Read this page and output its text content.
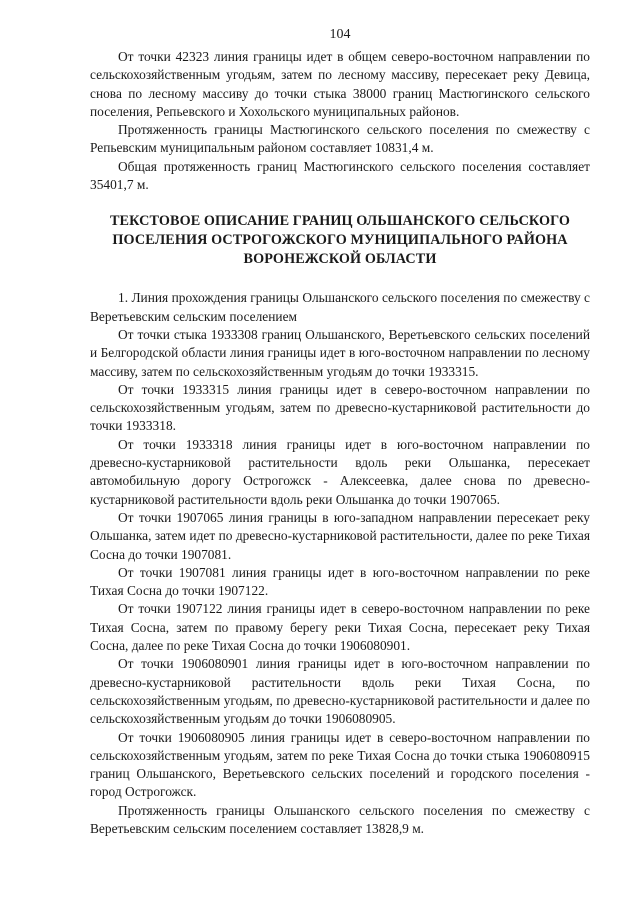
104

От точки 42323 линия границы идет в общем северо-восточном направлении по сельскохозяйственным угодьям, затем по лесному массиву, пересекает реку Девица, снова по лесному массиву до точки стыка 38000 границ Мастюгинского сельского поселения, Репьевского и Хохольского муниципальных районов.

Протяженность границы Мастюгинского сельского поселения по смежеству с Репьевским муниципальным районом составляет 10831,4 м.

Общая протяженность границ Мастюгинского сельского поселения составляет 35401,7 м.

ТЕКСТОВОЕ ОПИСАНИЕ ГРАНИЦ ОЛЬШАНСКОГО СЕЛЬСКОГО ПОСЕЛЕНИЯ ОСТРОГОЖСКОГО МУНИЦИПАЛЬНОГО РАЙОНА ВОРОНЕЖСКОЙ ОБЛАСТИ

1. Линия прохождения границы Ольшанского сельского поселения по смежеству с Веретьевским сельским поселением

От точки стыка 1933308 границ Ольшанского, Веретьевского сельских поселений и Белгородской области линия границы идет в юго-восточном направлении по лесному массиву, затем по сельскохозяйственным угодьям до точки 1933315.

От точки 1933315 линия границы идет в северо-восточном направлении по сельскохозяйственным угодьям, затем по древесно-кустарниковой растительности до точки 1933318.

От точки 1933318 линия границы идет в юго-восточном направлении по древесно-кустарниковой растительности вдоль реки Ольшанка, пересекает автомобильную дорогу Острогожск - Алексеевка, далее снова по древесно-кустарниковой растительности вдоль реки Ольшанка до точки 1907065.

От точки 1907065 линия границы в юго-западном направлении пересекает реку Ольшанка, затем идет по древесно-кустарниковой растительности, далее по реке Тихая Сосна до точки 1907081.

От точки 1907081 линия границы идет в юго-восточном направлении по реке Тихая Сосна до точки 1907122.

От точки 1907122 линия границы идет в северо-восточном направлении по реке Тихая Сосна, затем по правому берегу реки Тихая Сосна, пересекает реку Тихая Сосна, далее по реке Тихая Сосна до точки 1906080901.

От точки 1906080901 линия границы идет в юго-восточном направлении по древесно-кустарниковой растительности вдоль реки Тихая Сосна, по сельскохозяйственным угодьям, по древесно-кустарниковой растительности и далее по сельскохозяйственным угодьям до точки 1906080905.

От точки 1906080905 линия границы идет в северо-восточном направлении по сельскохозяйственным угодьям, затем по реке Тихая Сосна до точки стыка 1906080915 границ Ольшанского, Веретьевского сельских поселений и городского поселения - город Острогожск.

Протяженность границы Ольшанского сельского поселения по смежеству с Веретьевским сельским поселением составляет 13828,9 м.
